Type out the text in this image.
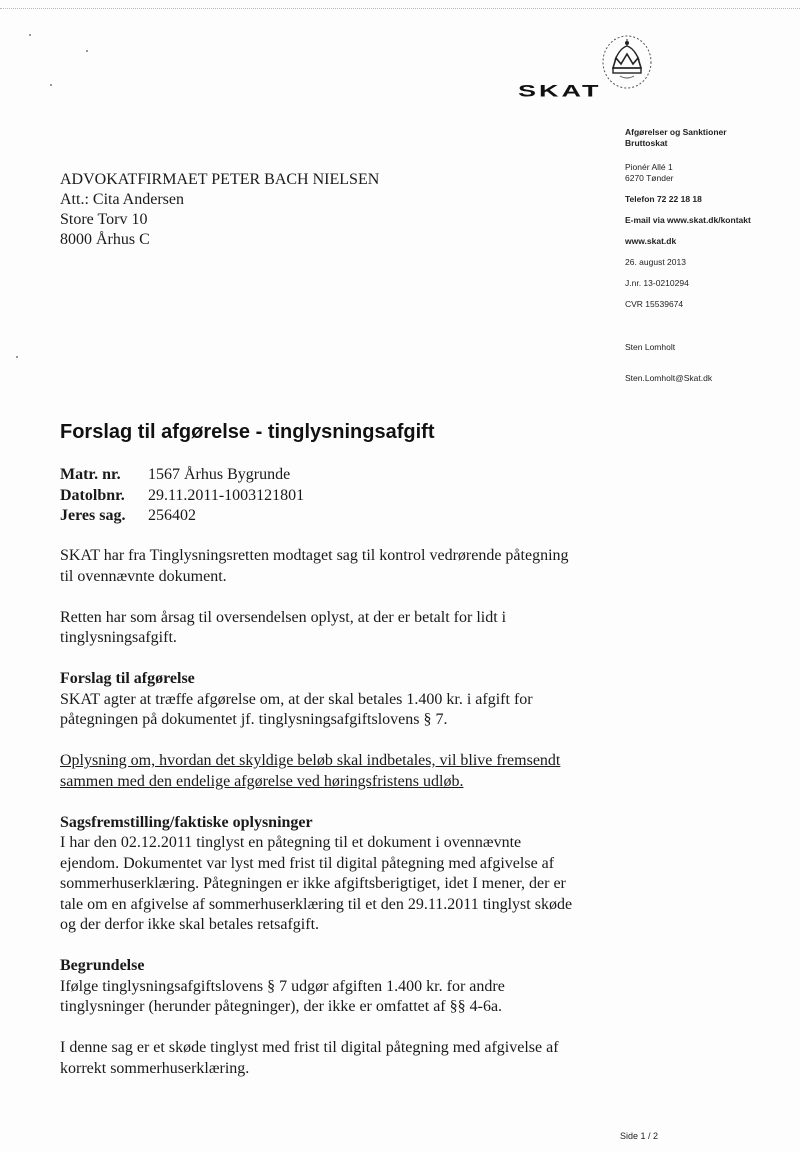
SKAT
Afgørelser og Sanktioner
Bruttoskat
Pionér Allé 1
6270 Tønder
Telefon 72 22 18 18
E-mail via www.skat.dk/kontakt
www.skat.dk
26. august 2013
J.nr. 13-0210294
CVR 15539674
Sten Lomholt
Sten.Lomholt@Skat.dk
ADVOKATFIRMAET PETER BACH NIELSEN
Att.: Cita Andersen
Store Torv 10
8000 Århus C
Forslag til afgørelse - tinglysningsafgift
Matr. nr.	1567 Århus Bygrunde
Datolbnr.	29.11.2011-1003121801
Jeres sag.	256402

SKAT har fra Tinglysningsretten modtaget sag til kontrol vedrørende påtegning

til ovennævnte dokument.

Retten har som årsag til oversendelsen oplyst, at der er betalt for lidt i

tinglysningsafgift.

Forslag til afgørelse

SKAT agter at træffe afgørelse om, at der skal betales 1.400 kr. i afgift for

påtegningen på dokumentet jf. tinglysningsafgiftslovens § 7.

Oplysning om, hvordan det skyldige beløb skal indbetales, vil blive fremsendt

sammen med den endelige afgørelse ved høringsfristens udløb.

Sagsfremstilling/faktiske oplysninger

I har den 02.12.2011 tinglyst en påtegning til et dokument i ovennævnte

ejendom. Dokumentet var lyst med frist til digital påtegning med afgivelse af

sommerhuserklæring. Påtegningen er ikke afgiftsberigtiget, idet I mener, der er

tale om en afgivelse af sommerhuserklæring til et den 29.11.2011 tinglyst skøde

og der derfor ikke skal betales retsafgift.

Begrundelse

Ifølge tinglysningsafgiftslovens § 7 udgør afgiften 1.400 kr. for andre

tinglysninger (herunder påtegninger), der ikke er omfattet af §§ 4-6a.

I denne sag er et skøde tinglyst med frist til digital påtegning med afgivelse af

korrekt sommerhuserklæring.

Side 1 / 2
